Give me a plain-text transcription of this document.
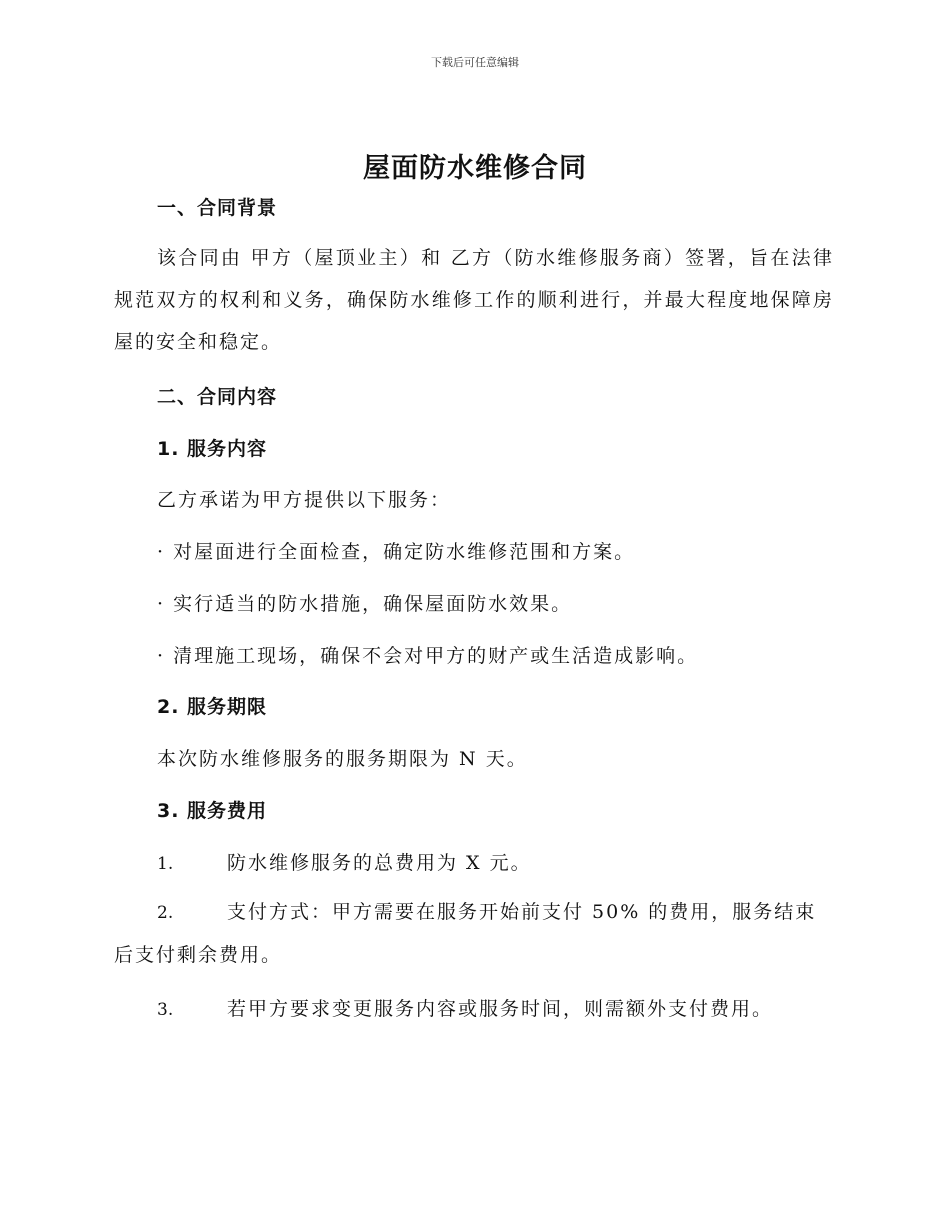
下载后可任意编辑
屋面防水维修合同
一、合同背景
该合同由 甲方（屋顶业主）和 乙方（防水维修服务商）签署，旨在法律规范双方的权利和义务，确保防水维修工作的顺利进行，并最大程度地保障房屋的安全和稳定。
二、合同内容
1. 服务内容
乙方承诺为甲方提供以下服务：
· 对屋面进行全面检查，确定防水维修范围和方案。
· 实行适当的防水措施，确保屋面防水效果。
· 清理施工现场，确保不会对甲方的财产或生活造成影响。
2. 服务期限
本次防水维修服务的服务期限为 N 天。
3. 服务费用
1.	防水维修服务的总费用为 X 元。
2.	支付方式：甲方需要在服务开始前支付 50% 的费用，服务结束后支付剩余费用。
3.	若甲方要求变更服务内容或服务时间，则需额外支付费用。
